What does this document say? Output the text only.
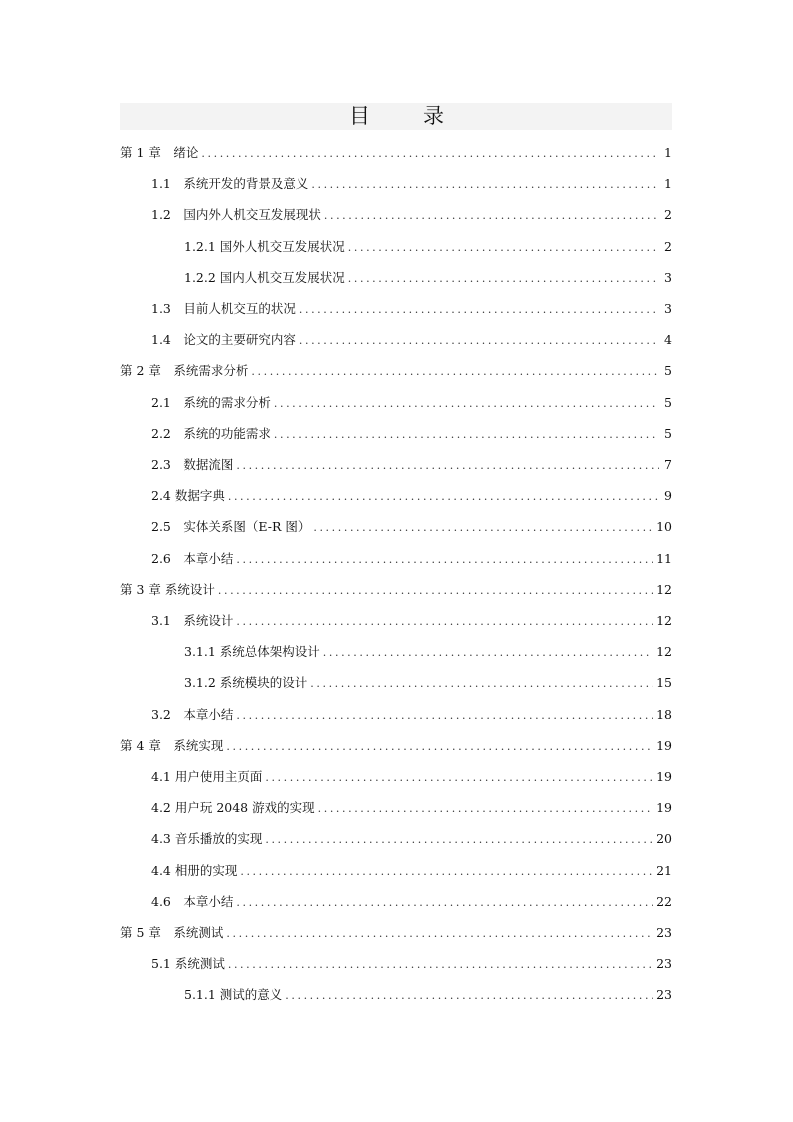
目　录
第 1 章　绪论 .....	1
1.1　系统开发的背景及意义 .....	1
1.2　国内外人机交互发展现状 .....	2
1.2.1 国外人机交互发展状况 .....	2
1.2.2 国内人机交互发展状况 .....	3
1.3　目前人机交互的状况 .....	3
1.4　论文的主要研究内容 .....	4
第 2 章　系统需求分析 .....	5
2.1　系统的需求分析 .....	5
2.2　系统的功能需求 .....	5
2.3　数据流图 .....	7
2.4 数据字典 .....	9
2.5　实体关系图（E-R 图） .....	10
2.6　本章小结 .....	11
第 3 章 系统设计 .....	12
3.1　系统设计 .....	12
3.1.1 系统总体架构设计 .....	12
3.1.2 系统模块的设计 .....	15
3.2　本章小结 .....	18
第 4 章　系统实现 .....	19
4.1 用户使用主页面 .....	19
4.2 用户玩 2048 游戏的实现 .....	19
4.3 音乐播放的实现 .....	20
4.4 相册的实现 .....	21
4.6　本章小结 .....	22
第 5 章　系统测试 .....	23
5.1 系统测试 .....	23
5.1.1 测试的意义 .....	23
